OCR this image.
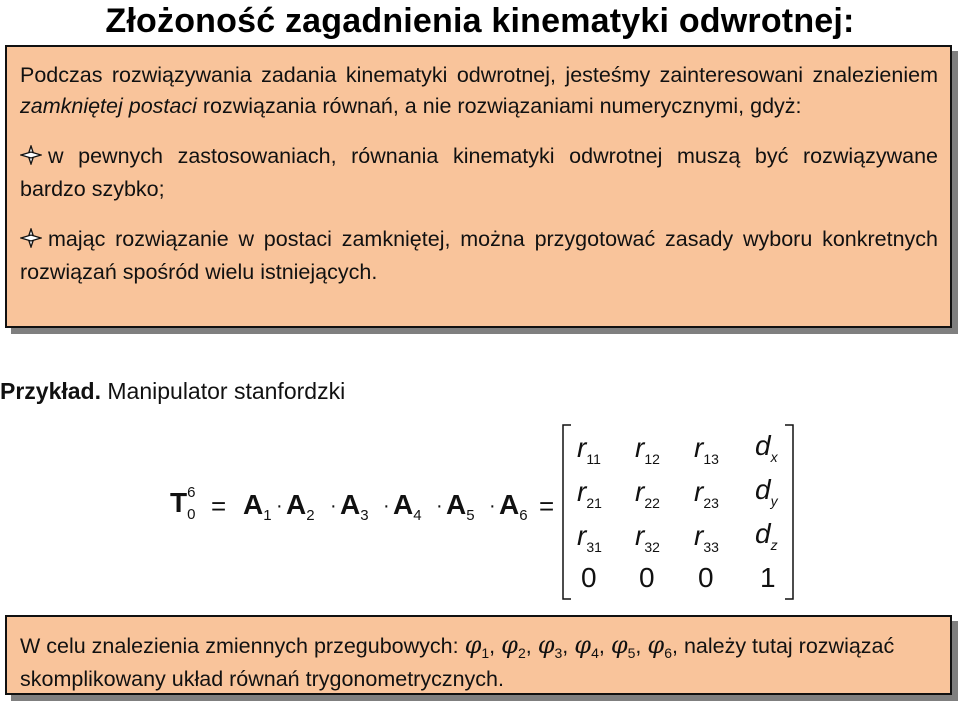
Złożoność zagadnienia kinematyki odwrotnej:

Podczas rozwiązywania zadania kinematyki odwrotnej, jesteśmy zainteresowani znalezieniem zamkniętej postaci rozwiązania równań, a nie rozwiązaniami numerycznymi, gdyż:

w pewnych zastosowaniach, równania kinematyki odwrotnej muszą być rozwiązywane bardzo szybko;

mając rozwiązanie w postaci zamkniętej, można przygotować zasady wyboru konkretnych rozwiązań spośród wielu istniejących.

Przykład. Manipulator stanfordzki
T 6
0 = A1 · A2 · A3 · A4 · A5 · A6 =
$r_{11}$ $r_{12}$ $r_{13}$ $d_x$
$r_{21}$ $r_{22}$ $r_{23}$ $d_y$
$r_{31}$ $r_{32}$ $r_{33}$ $d_z$
0 0 0 1

W celu znalezienia zmiennych przegubowych: $\varphi_1$, $\varphi_2$, $\varphi_3$, $\varphi_4$, $\varphi_5$, $\varphi_6$, należy tutaj rozwiązać skomplikowany układ równań trygonometrycznych.
